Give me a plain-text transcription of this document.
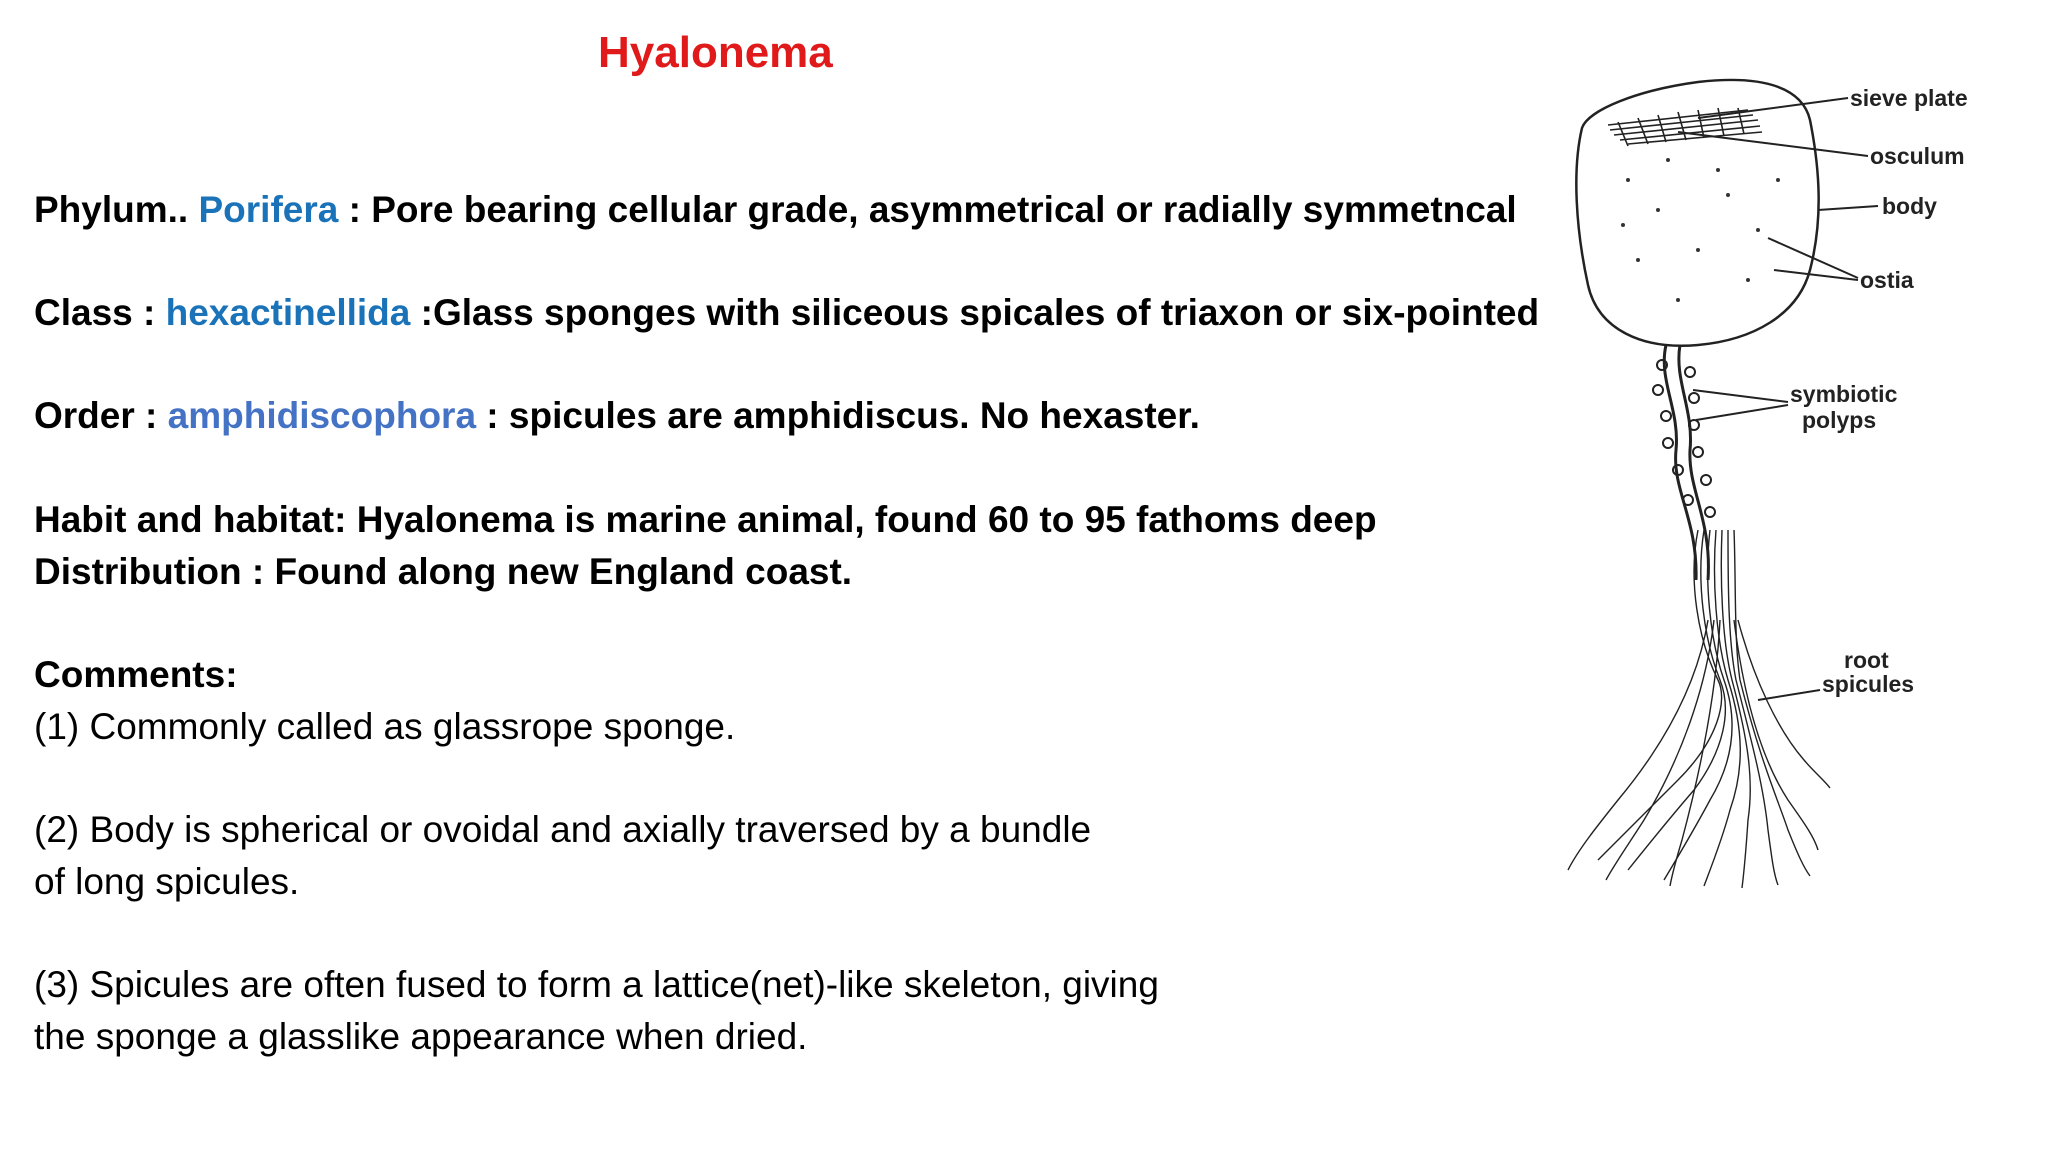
Hyalonema
Phylum.. Porifera : Pore bearing cellular grade, asymmetrical or radially symmetncal
Class : hexactinellida :Glass sponges with siliceous spicales of triaxon or six-pointed
Order : amphidiscophora : spicules are amphidiscus. No hexaster.
Habit and habitat: Hyalonema is marine animal, found 60 to 95 fathoms deep
Distribution : Found along new England coast.
Comments:
(1) Commonly called as glassrope sponge.
(2) Body is spherical or ovoidal and axially traversed by a bundle
of long spicules.
(3) Spicules are often fused to form a lattice(net)-like skeleton, giving
the sponge a glasslike appearance when dried.
sieve plate
osculum
body
ostia
symbiotic
polyps
root
spicules
